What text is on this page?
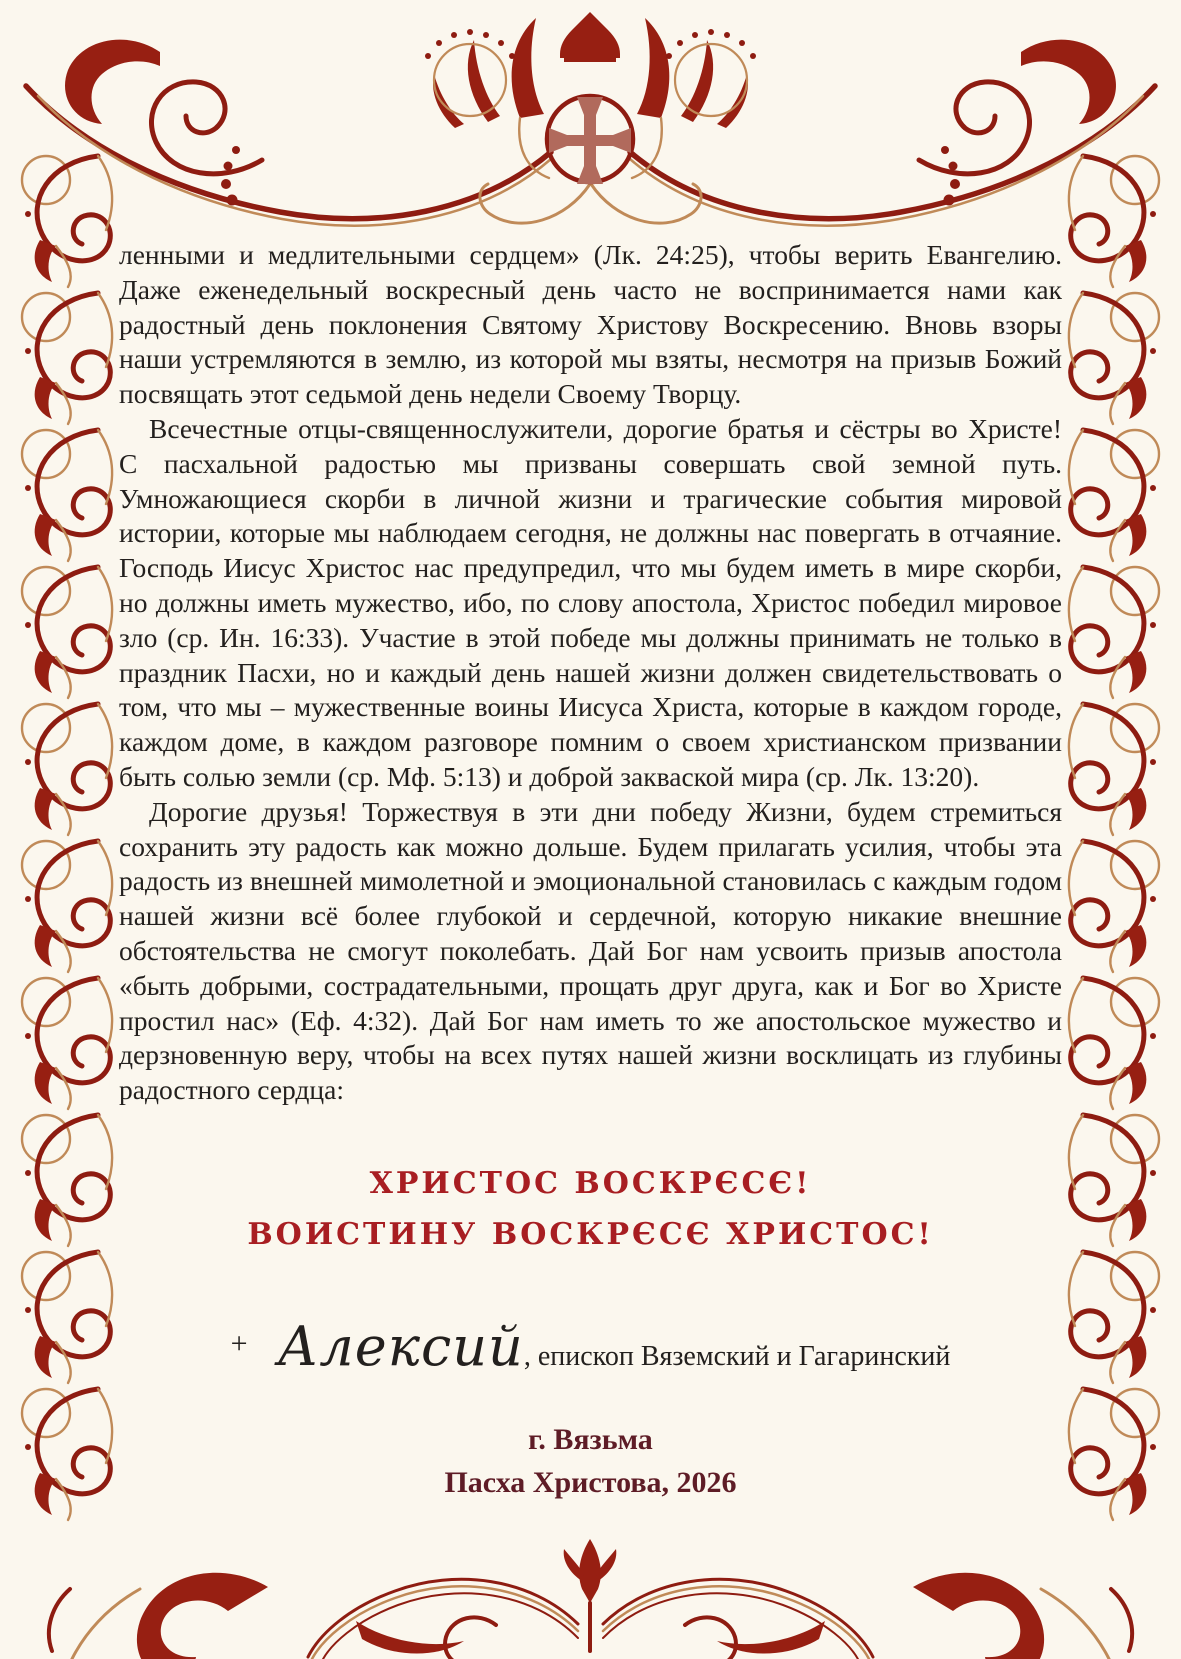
ленными и медлительными сердцем» (Лк. 24:25), чтобы верить Евангелию. Даже еженедельный воскресный день часто не воспринимается нами как радостный день поклонения Святому Христову Воскресению. Вновь взоры наши устремляются в землю, из которой мы взяты, несмотря на призыв Божий посвящать этот седьмой день недели Своему Творцу.

Всечестные отцы-священнослужители, дорогие братья и сёстры во Христе! С пасхальной радостью мы призваны совершать свой земной путь. Умножающиеся скорби в личной жизни и трагические события мировой истории, которые мы наблюдаем сегодня, не должны нас повергать в отчаяние. Господь Иисус Христос нас предупредил, что мы будем иметь в мире скорби, но должны иметь мужество, ибо, по слову апостола, Христос победил мировое зло (ср. Ин. 16:33). Участие в этой победе мы должны принимать не только в праздник Пасхи, но и каждый день нашей жизни должен свидетельствовать о том, что мы – мужественные воины Иисуса Христа, которые в каждом городе, каждом доме, в каждом разговоре помним о своем христианском призвании быть солью земли (ср. Мф. 5:13) и доброй закваской мира (ср. Лк. 13:20).

Дорогие друзья! Торжествуя в эти дни победу Жизни, будем стремиться сохранить эту радость как можно дольше. Будем прилагать усилия, чтобы эта радость из внешней мимолетной и эмоциональной становилась с каждым годом нашей жизни всё более глубокой и сердечной, которую никакие внешние обстоятельства не смогут поколебать. Дай Бог нам усвоить призыв апостола «быть добрыми, сострадательными, прощать друг друга, как и Бог во Христе простил нас» (Еф. 4:32). Дай Бог нам иметь то же апостольское мужество и дерзновенную веру, чтобы на всех путях нашей жизни восклицать из глубины радостного сердца:

ХРИСТОС ВОСКРЄСЄ!
ВОИСТИНУ ВОСКРЄСЄ ХРИСТОС!
+ Алексий , епископ Вяземский и Гагаринский
г. Вязьма
Пасха Христова, 2026
